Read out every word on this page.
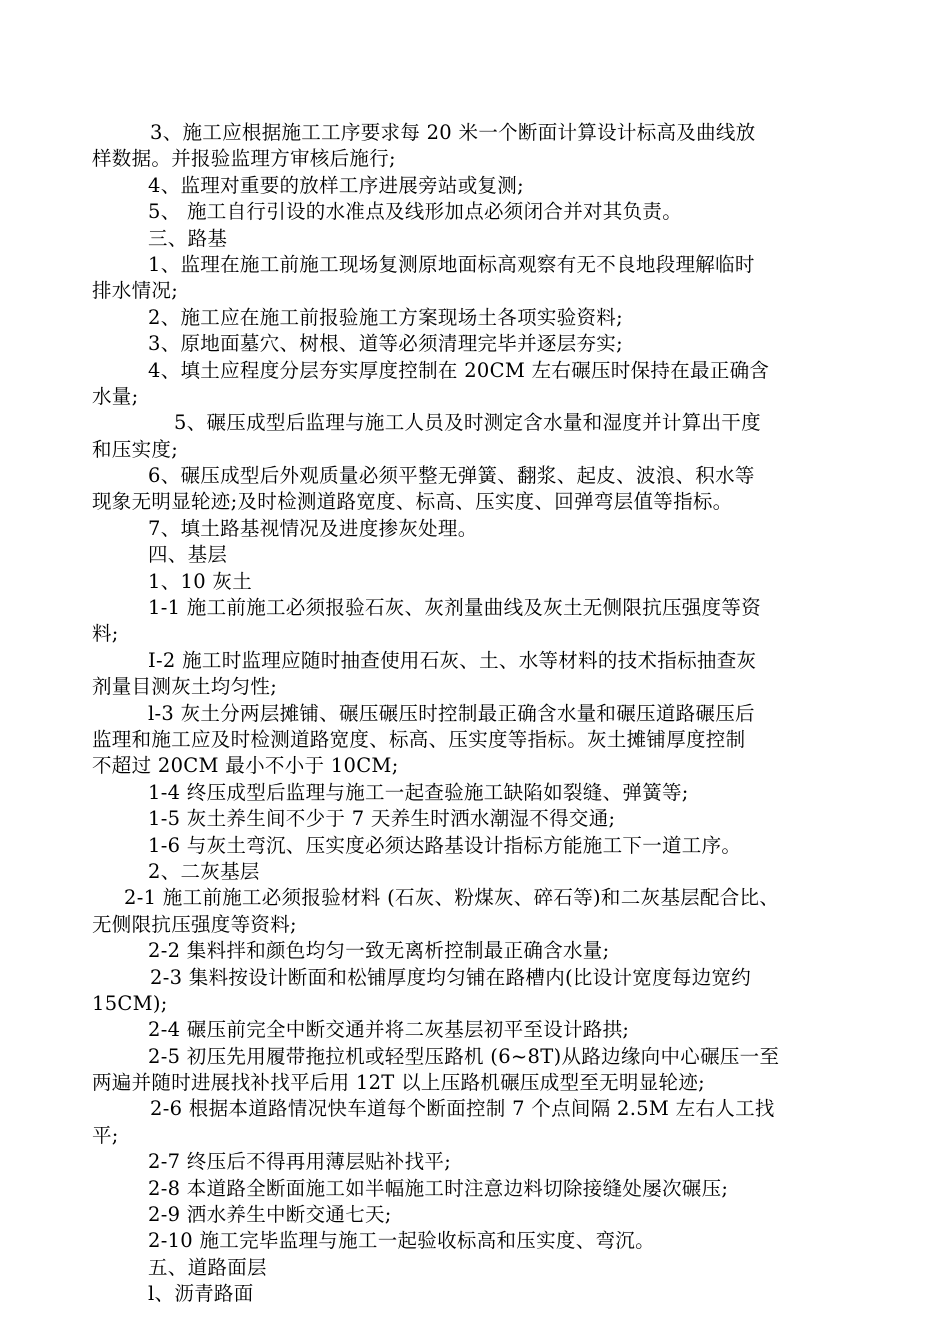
3、施工应根据施工工序要求每 20 米一个断面计算设计标高及曲线放
样数据。并报验监理方审核后施行;
4、监理对重要的放样工序进展旁站或复测;
5、 施工自行引设的水准点及线形加点必须闭合并对其负责。
三、路基
1、监理在施工前施工现场复测原地面标高观察有无不良地段理解临时
排水情况;
2、施工应在施工前报验施工方案现场土各项实验资料;
3、原地面墓穴、树根、道等必须清理完毕并逐层夯实;
4、填土应程度分层夯实厚度控制在 20CM 左右碾压时保持在最正确含
水量;
5、碾压成型后监理与施工人员及时测定含水量和湿度并计算出干度
和压实度;
6、碾压成型后外观质量必须平整无弹簧、翻浆、起皮、波浪、积水等
现象无明显轮迹;及时检测道路宽度、标高、压实度、回弹弯层值等指标。
7、填土路基视情况及进度掺灰处理。
四、基层
1、10 灰土
1-1 施工前施工必须报验石灰、灰剂量曲线及灰土无侧限抗压强度等资
料;
I-2 施工时监理应随时抽查使用石灰、土、水等材料的技术指标抽查灰
剂量目测灰土均匀性;
l-3 灰土分两层摊铺、碾压碾压时控制最正确含水量和碾压道路碾压后
监理和施工应及时检测道路宽度、标高、压实度等指标。灰土摊铺厚度控制
不超过 20CM 最小不小于 10CM;
1-4 终压成型后监理与施工一起查验施工缺陷如裂缝、弹簧等;
1-5 灰土养生间不少于 7 天养生时洒水潮湿不得交通;
1-6 与灰土弯沉、压实度必须达路基设计指标方能施工下一道工序。
2、二灰基层
2-1 施工前施工必须报验材料 (石灰、粉煤灰、碎石等)和二灰基层配合比、
无侧限抗压强度等资料;
2-2 集料拌和颜色均匀一致无离析控制最正确含水量;
2-3 集料按设计断面和松铺厚度均匀铺在路槽内(比设计宽度每边宽约
15CM);
2-4 碾压前完全中断交通并将二灰基层初平至设计路拱;
2-5 初压先用履带拖拉机或轻型压路机 (6~8T)从路边缘向中心碾压一至
两遍并随时进展找补找平后用 12T 以上压路机碾压成型至无明显轮迹;
2-6 根据本道路情况快车道每个断面控制 7 个点间隔 2.5M 左右人工找
平;
2-7 终压后不得再用薄层贴补找平;
2-8 本道路全断面施工如半幅施工时注意边料切除接缝处屡次碾压;
2-9 洒水养生中断交通七天;
2-10 施工完毕监理与施工一起验收标高和压实度、弯沉。
五、道路面层
l、沥青路面
